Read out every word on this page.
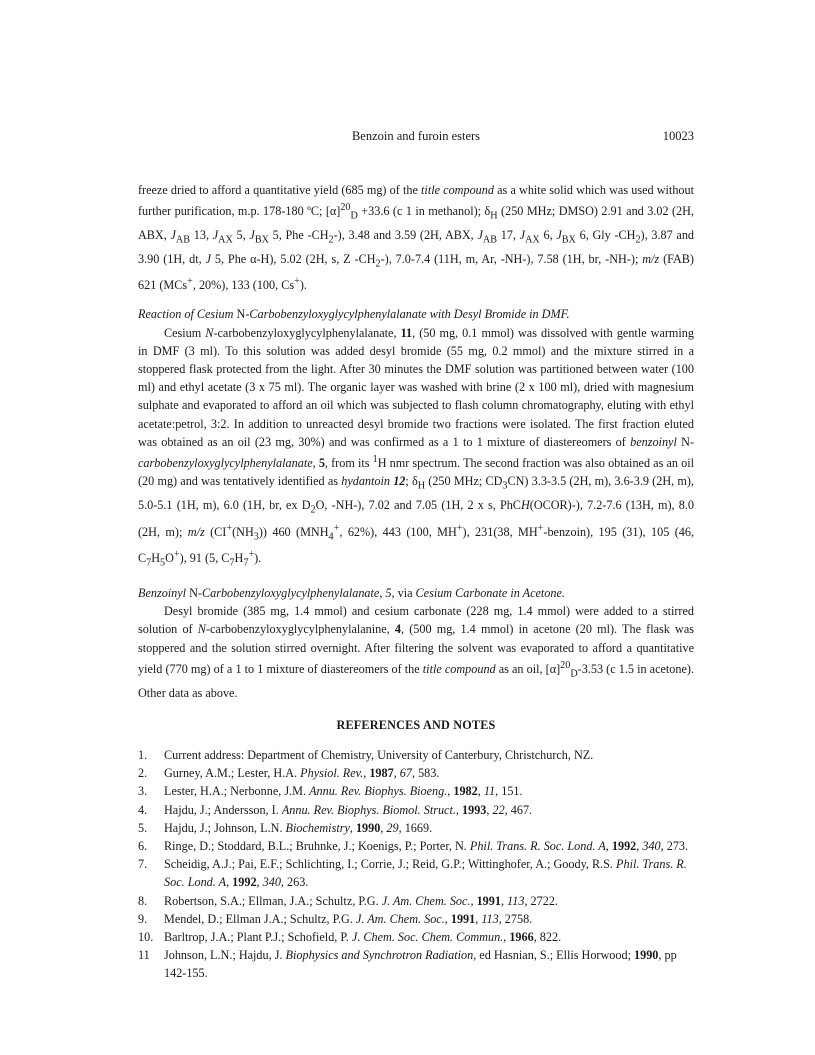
Benzoin and furoin esters	10023

freeze dried to afford a quantitative yield (685 mg) of the title compound as a white solid which was used without further purification, m.p. 178-180 ºC; $[\alpha]^{20}_D +33.6$ (c 1 in methanol); $\delta_H$ (250 MHz; DMSO) 2.91 and 3.02 (2H, ABX, $J_{AB}$ 13, $J_{AX}$ 5, $J_{BX}$ 5, Phe $-CH_2-$), 3.48 and 3.59 (2H, ABX, $J_{AB}$ 17, $J_{AX}$ 6, $J_{BX}$ 6, Gly $-CH_2$), 3.87 and 3.90 (1H, dt, J 5, Phe α-H), 5.02 (2H, s, Z $-CH_2-$), 7.0-7.4 (11H, m, Ar, -NH-), 7.58 (1H, br, -NH-); m/z (FAB) 621 (MCs+, 20%), 133 (100, Cs+).

Reaction of Cesium N-Carbobenzyloxyglycylphenylalanate with Desyl Bromide in DMF.

Cesium N-carbobenzyloxyglycylphenylalanate, 11, (50 mg, 0.1 mmol) was dissolved with gentle warming in DMF (3 ml). To this solution was added desyl bromide (55 mg, 0.2 mmol) and the mixture stirred in a stoppered flask protected from the light. After 30 minutes the DMF solution was partitioned between water (100 ml) and ethyl acetate (3 x 75 ml). The organic layer was washed with brine (2 x 100 ml), dried with magnesium sulphate and evaporated to afford an oil which was subjected to flash column chromatography, eluting with ethyl acetate:petrol, 3:2. In addition to unreacted desyl bromide two fractions were isolated. The first fraction eluted was obtained as an oil (23 mg, 30%) and was confirmed as a 1 to 1 mixture of diastereomers of benzoinyl N-carbobenzyloxyglycylphenylalanate, 5, from its $^1$H nmr spectrum. The second fraction was also obtained as an oil (20 mg) and was tentatively identified as hydantoin 12; $\delta_H$ (250 MHz; $CD_3CN$) 3.3-3.5 (2H, m), 3.6-3.9 (2H, m), 5.0-5.1 (1H, m), 6.0 (1H, br, ex $D_2O$, -NH-), 7.02 and 7.05 (1H, 2 x s, PhCH(OCOR)-), 7.2-7.6 (13H, m), 8.0 (2H, m); m/z $(CI^+(NH_3))$ 460 ($MNH_4^+$, 62%), 443 (100, MH+), 231(38, MH+-benzoin), 195 (31), 105 (46, $C_7H_5O^+$), 91 (5, $C_7H_7^+$).

Benzoinyl N-Carbobenzyloxyglycylphenylalanate, 5, via Cesium Carbonate in Acetone.

Desyl bromide (385 mg, 1.4 mmol) and cesium carbonate (228 mg, 1.4 mmol) were added to a stirred solution of N-carbobenzyloxyglycylphenylalanine, 4, (500 mg, 1.4 mmol) in acetone (20 ml). The flask was stoppered and the solution stirred overnight. After filtering the solvent was evaporated to afford a quantitative yield (770 mg) of a 1 to 1 mixture of diastereomers of the title compound as an oil, $[\alpha]^{20}_D-3.53$ (c 1.5 in acetone). Other data as above.

REFERENCES AND NOTES

1.	Current address: Department of Chemistry, University of Canterbury, Christchurch, NZ.

2.	Gurney, A.M.; Lester, H.A. Physiol. Rev., 1987, 67, 583.

3.	Lester, H.A.; Nerbonne, J.M. Annu. Rev. Biophys. Bioeng., 1982, 11, 151.

4.	Hajdu, J.; Andersson, I. Annu. Rev. Biophys. Biomol. Struct., 1993, 22, 467.

5.	Hajdu, J.; Johnson, L.N. Biochemistry, 1990, 29, 1669.

6.	Ringe, D.; Stoddard, B.L.; Bruhnke, J.; Koenigs, P.; Porter, N. Phil. Trans. R. Soc. Lond. A, 1992, 340, 273.

7.	Scheidig, A.J.; Pai, E.F.; Schlichting, I.; Corrie, J.; Reid, G.P.; Wittinghofer, A.; Goody, R.S. Phil. Trans. R. Soc. Lond. A, 1992, 340, 263.

8.	Robertson, S.A.; Ellman, J.A.; Schultz, P.G. J. Am. Chem. Soc., 1991, 113, 2722.

9.	Mendel, D.; Ellman J.A.; Schultz, P.G. J. Am. Chem. Soc., 1991, 113, 2758.

10. Barltrop, J.A.; Plant P.J.; Schofield, P. J. Chem. Soc. Chem. Commun., 1966, 822.

11	Johnson, L.N.; Hajdu, J. Biophysics and Synchrotron Radiation, ed Hasnian, S.; Ellis Horwood; 1990, pp 142-155.
